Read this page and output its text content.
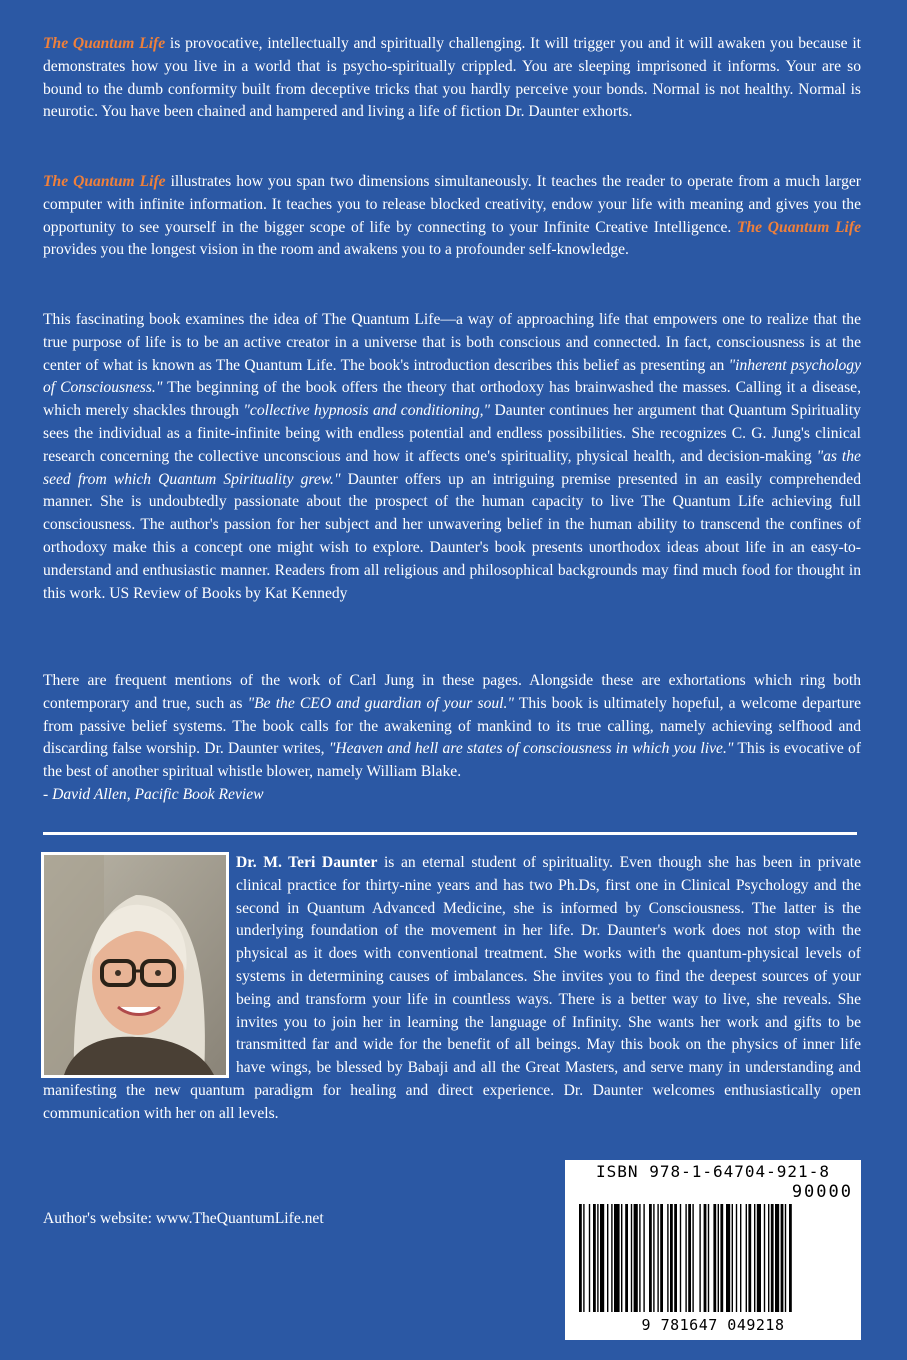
The Quantum Life is provocative, intellectually and spiritually challenging. It will trigger you and it will awaken you because it demonstrates how you live in a world that is psycho-spiritually crippled. You are sleeping imprisoned it informs. Your are so bound to the dumb conformity built from deceptive tricks that you hardly perceive your bonds. Normal is not healthy. Normal is neurotic. You have been chained and hampered and living a life of fiction Dr. Daunter exhorts.

The Quantum Life illustrates how you span two dimensions simultaneously. It teaches the reader to operate from a much larger computer with infinite information. It teaches you to release blocked creativity, endow your life with meaning and gives you the opportunity to see yourself in the bigger scope of life by connecting to your Infinite Creative Intelligence. The Quantum Life provides you the longest vision in the room and awakens you to a profounder self-knowledge.

This fascinating book examines the idea of The Quantum Life—a way of approaching life that empowers one to realize that the true purpose of life is to be an active creator in a universe that is both conscious and connected. In fact, consciousness is at the center of what is known as The Quantum Life. The book's introduction describes this belief as presenting an "inherent psychology of Consciousness." The beginning of the book offers the theory that orthodoxy has brainwashed the masses. Calling it a disease, which merely shackles through "collective hypnosis and conditioning," Daunter continues her argument that Quantum Spirituality sees the individual as a finite-infinite being with endless potential and endless possibilities. She recognizes C. G. Jung's clinical research concerning the collective unconscious and how it affects one's spirituality, physical health, and decision-making "as the seed from which Quantum Spirituality grew." Daunter offers up an intriguing premise presented in an easily comprehended manner. She is undoubtedly passionate about the prospect of the human capacity to live The Quantum Life achieving full consciousness. The author's passion for her subject and her unwavering belief in the human ability to transcend the confines of orthodoxy make this a concept one might wish to explore. Daunter's book presents unorthodox ideas about life in an easy-to-understand and enthusiastic manner. Readers from all religious and philosophical backgrounds may find much food for thought in this work. US Review of Books by Kat Kennedy

There are frequent mentions of the work of Carl Jung in these pages. Alongside these are exhortations which ring both contemporary and true, such as "Be the CEO and guardian of your soul." This book is ultimately hopeful, a welcome departure from passive belief systems. The book calls for the awakening of mankind to its true calling, namely achieving selfhood and discarding false worship. Dr. Daunter writes, "Heaven and hell are states of consciousness in which you live." This is evocative of the best of another spiritual whistle blower, namely William Blake.
- David Allen, Pacific Book Review

Dr. M. Teri Daunter is an eternal student of spirituality. Even though she has been in private clinical practice for thirty-nine years and has two Ph.Ds, first one in Clinical Psychology and the second in Quantum Advanced Medicine, she is informed by Consciousness. The latter is the underlying foundation of the movement in her life. Dr. Daunter's work does not stop with the physical as it does with conventional treatment. She works with the quantum-physical levels of systems in determining causes of imbalances. She invites you to find the deepest sources of your being and transform your life in countless ways. There is a better way to live, she reveals. She invites you to join her in learning the language of Infinity. She wants her work and gifts to be transmitted far and wide for the benefit of all beings. May this book on the physics of inner life have wings, be blessed by Babaji and all the Great Masters, and serve many in understanding and manifesting the new quantum paradigm for healing and direct experience. Dr. Daunter welcomes enthusiastically open communication with her on all levels.

Author's website: www.TheQuantumLife.net
ISBN 978-1-64704-921-8
90000
9 781647 049218
